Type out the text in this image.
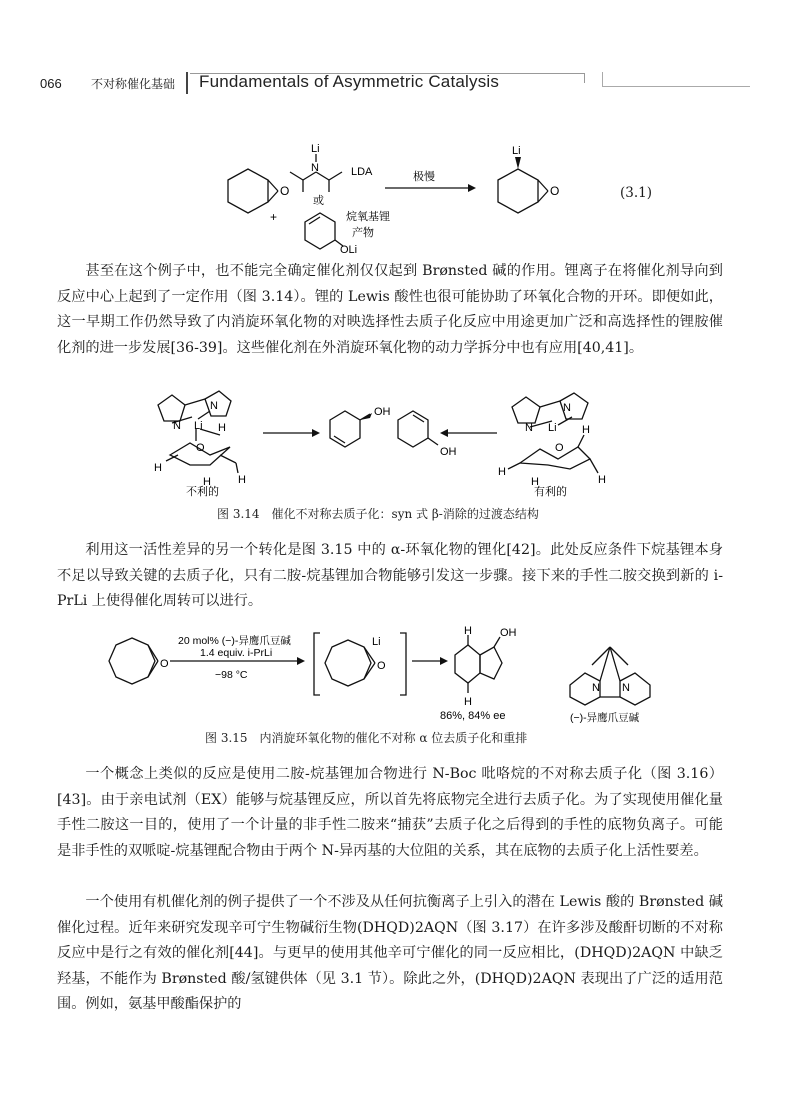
066 不对称催化基础 Fundamentals of Asymmetric Catalysis
O
+
Li
N	LDA
或
OLi
烷氧基锂
产物
极慢
O
Li
(3.1)
甚至在这个例子中，也不能完全确定催化剂仅仅起到 Brønsted 碱的作用。锂离子在将催化剂导向到反应中心上起到了一定作用（图 3.14）。锂的 Lewis 酸性也很可能协助了环氧化合物的开环。即便如此，这一早期工作仍然导致了内消旋环氧化物的对映选择性去质子化反应中用途更加广泛和高选择性的锂胺催化剂的进一步发展[36-39]。这些催化剂在外消旋环氧化物的动力学拆分中也有应用[40,41]。
N Li
N
H
O
H
H
H
OH
OH
N Li
N
H
O
H
H
H
不利的	有利的
图 3.14　催化不对称去质子化：syn 式 β-消除的过渡态结构
利用这一活性差异的另一个转化是图 3.15 中的 α-环氧化物的锂化[42]。此处反应条件下烷基锂本身不足以导致关键的去质子化，只有二胺-烷基锂加合物能够引发这一步骤。接下来的手性二胺交换到新的 i-PrLi 上使得催化周转可以进行。
O	O
20 mol% (−)-异鹰爪豆碱
1.4 equiv. i-PrLi
−98 °C
Li
H
H
OH
86%, 84% ee
N N
(−)-异鹰爪豆碱
图 3.15　内消旋环氧化物的催化不对称 α 位去质子化和重排
一个概念上类似的反应是使用二胺-烷基锂加合物进行 N-Boc 吡咯烷的不对称去质子化（图 3.16）[43]。由于亲电试剂（EX）能够与烷基锂反应，所以首先将底物完全进行去质子化。为了实现使用催化量手性二胺这一目的，使用了一个计量的非手性二胺来“捕获”去质子化之后得到的手性的底物负离子。可能是非手性的双哌啶-烷基锂配合物由于两个 N-异丙基的大位阻的关系，其在底物的去质子化上活性要差。
一个使用有机催化剂的例子提供了一个不涉及从任何抗衡离子上引入的潜在 Lewis 酸的 Brønsted 碱催化过程。近年来研究发现辛可宁生物碱衍生物(DHQD)2AQN（图 3.17）在许多涉及酸酐切断的不对称反应中是行之有效的催化剂[44]。与更早的使用其他辛可宁催化的同一反应相比，(DHQD)2AQN 中缺乏羟基，不能作为 Brønsted 酸/氢键供体（见 3.1 节）。除此之外，(DHQD)2AQN 表现出了广泛的适用范围。例如，氨基甲酸酯保护的
